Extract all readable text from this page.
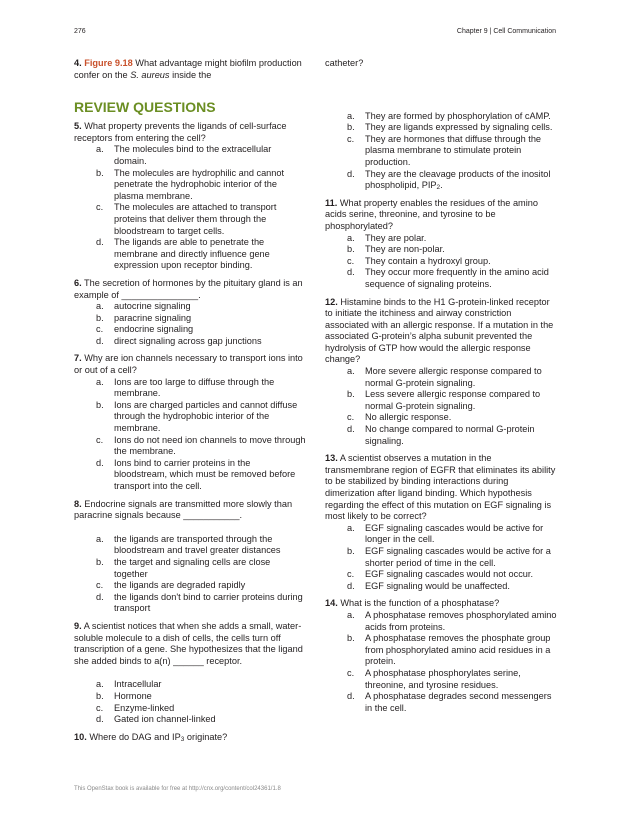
276	Chapter 9 | Cell Communication

4. Figure 9.18 What advantage might biofilm production confer on the S. aureus inside the

REVIEW QUESTIONS

5. What property prevents the ligands of cell-surface receptors from entering the cell?

a. The molecules bind to the extracellular domain.
b. The molecules are hydrophilic and cannot penetrate the hydrophobic interior of the plasma membrane.
c. The molecules are attached to transport proteins that deliver them through the bloodstream to target cells.
d. The ligands are able to penetrate the membrane and directly influence gene expression upon receptor binding.

6. The secretion of hormones by the pituitary gland is an example of _______________.

a. autocrine signaling
b. paracrine signaling
c. endocrine signaling
d. direct signaling across gap junctions

7. Why are ion channels necessary to transport ions into or out of a cell?

a. Ions are too large to diffuse through the membrane.
b. Ions are charged particles and cannot diffuse through the hydrophobic interior of the membrane.
c. Ions do not need ion channels to move through the membrane.
d. Ions bind to carrier proteins in the bloodstream, which must be removed before transport into the cell.

8. Endocrine signals are transmitted more slowly than paracrine signals because ___________.

a. the ligands are transported through the bloodstream and travel greater distances
b. the target and signaling cells are close together
c. the ligands are degraded rapidly
d. the ligands don't bind to carrier proteins during transport

9. A scientist notices that when she adds a small, water-soluble molecule to a dish of cells, the cells turn off transcription of a gene. She hypothesizes that the ligand she added binds to a(n) ______ receptor.

a. Intracellular
b. Hormone
c. Enzyme-linked
d. Gated ion channel-linked

10. Where do DAG and $IP_3$ originate?

catheter?

a. They are formed by phosphorylation of cAMP.
b. They are ligands expressed by signaling cells.
c. They are hormones that diffuse through the plasma membrane to stimulate protein production.
d. They are the cleavage products of the inositol phospholipid, $PIP_2$.

11. What property enables the residues of the amino acids serine, threonine, and tyrosine to be phosphorylated?

a. They are polar.
b. They are non-polar.
c. They contain a hydroxyl group.
d. They occur more frequently in the amino acid sequence of signaling proteins.

12. Histamine binds to the H1 G-protein-linked receptor to initiate the itchiness and airway constriction associated with an allergic response. If a mutation in the associated G-protein’s alpha subunit prevented the hydrolysis of GTP how would the allergic response change?

a. More severe allergic response compared to normal G-protein signaling.
b. Less severe allergic response compared to normal G-protein signaling.
c. No allergic response.
d. No change compared to normal G-protein signaling.

13. A scientist observes a mutation in the transmembrane region of EGFR that eliminates its ability to be stabilized by binding interactions during dimerization after ligand binding. Which hypothesis regarding the effect of this mutation on EGF signaling is most likely to be correct?

a. EGF signaling cascades would be active for longer in the cell.
b. EGF signaling cascades would be active for a shorter period of time in the cell.
c. EGF signaling cascades would not occur.
d. EGF signaling would be unaffected.

14. What is the function of a phosphatase?

a. A phosphatase removes phosphorylated amino acids from proteins.
b. A phosphatase removes the phosphate group from phosphorylated amino acid residues in a protein.
c. A phosphatase phosphorylates serine, threonine, and tyrosine residues.
d. A phosphatase degrades second messengers in the cell.
This OpenStax book is available for free at http://cnx.org/content/col24361/1.8
